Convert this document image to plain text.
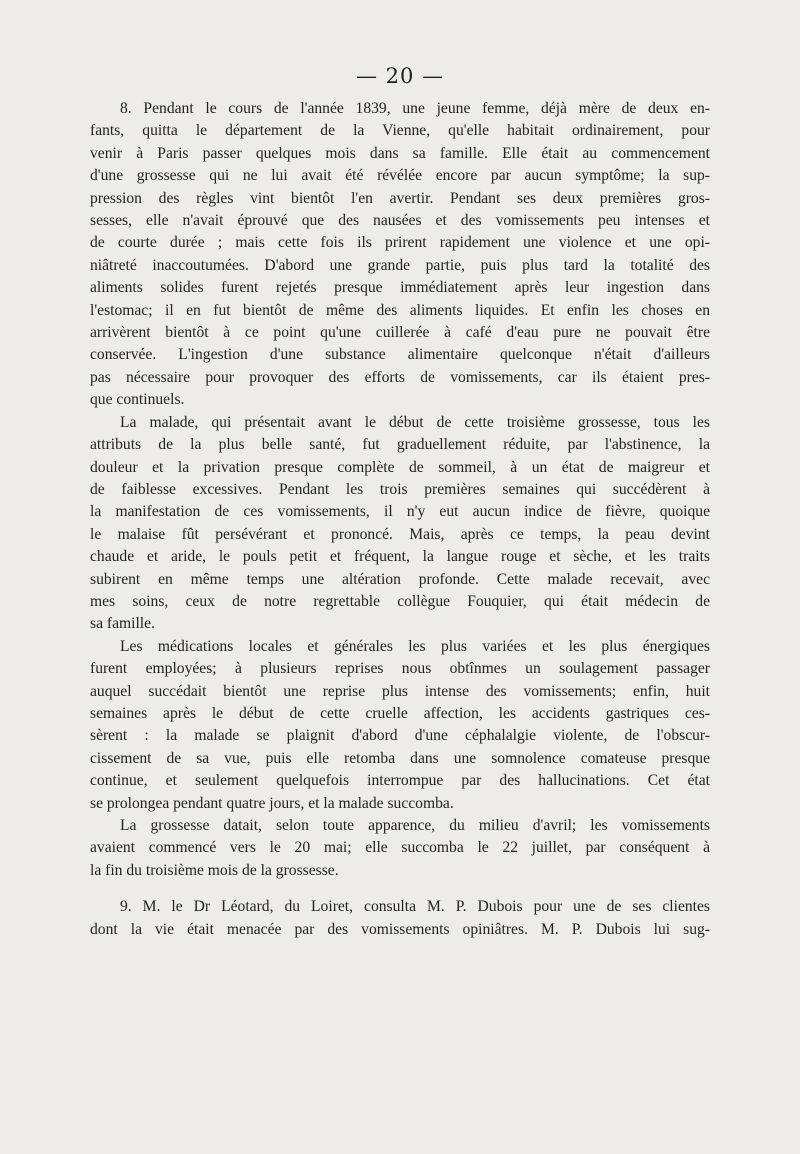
— 20 —
8. Pendant le cours de l'année 1839, une jeune femme, déjà mère de deux en-
fants, quitta le département de la Vienne, qu'elle habitait ordinairement, pour
venir à Paris passer quelques mois dans sa famille. Elle était au commencement
d'une grossesse qui ne lui avait été révélée encore par aucun symptôme; la sup-
pression des règles vint bientôt l'en avertir. Pendant ses deux premières gros-
sesses, elle n'avait éprouvé que des nausées et des vomissements peu intenses et
de courte durée ; mais cette fois ils prirent rapidement une violence et une opi-
niâtreté inaccoutumées. D'abord une grande partie, puis plus tard la totalité des
aliments solides furent rejetés presque immédiatement après leur ingestion dans
l'estomac; il en fut bientôt de même des aliments liquides. Et enfin les choses en
arrivèrent bientôt à ce point qu'une cuillerée à café d'eau pure ne pouvait être
conservée. L'ingestion d'une substance alimentaire quelconque n'était d'ailleurs
pas nécessaire pour provoquer des efforts de vomissements, car ils étaient pres-
que continuels.
La malade, qui présentait avant le début de cette troisième grossesse, tous les
attributs de la plus belle santé, fut graduellement réduite, par l'abstinence, la
douleur et la privation presque complète de sommeil, à un état de maigreur et
de faiblesse excessives. Pendant les trois premières semaines qui succédèrent à
la manifestation de ces vomissements, il n'y eut aucun indice de fièvre, quoique
le malaise fût persévérant et prononcé. Mais, après ce temps, la peau devint
chaude et aride, le pouls petit et fréquent, la langue rouge et sèche, et les traits
subirent en même temps une altération profonde. Cette malade recevait, avec
mes soins, ceux de notre regrettable collègue Fouquier, qui était médecin de
sa famille.
Les médications locales et générales les plus variées et les plus énergiques
furent employées; à plusieurs reprises nous obtînmes un soulagement passager
auquel succédait bientôt une reprise plus intense des vomissements; enfin, huit
semaines après le début de cette cruelle affection, les accidents gastriques ces-
sèrent : la malade se plaignit d'abord d'une céphalalgie violente, de l'obscur-
cissement de sa vue, puis elle retomba dans une somnolence comateuse presque
continue, et seulement quelquefois interrompue par des hallucinations. Cet état
se prolongea pendant quatre jours, et la malade succomba.
La grossesse datait, selon toute apparence, du milieu d'avril; les vomissements
avaient commencé vers le 20 mai; elle succomba le 22 juillet, par conséquent à
la fin du troisième mois de la grossesse.
9. M. le Dr Léotard, du Loiret, consulta M. P. Dubois pour une de ses clientes
dont la vie était menacée par des vomissements opiniâtres. M. P. Dubois lui sug-
